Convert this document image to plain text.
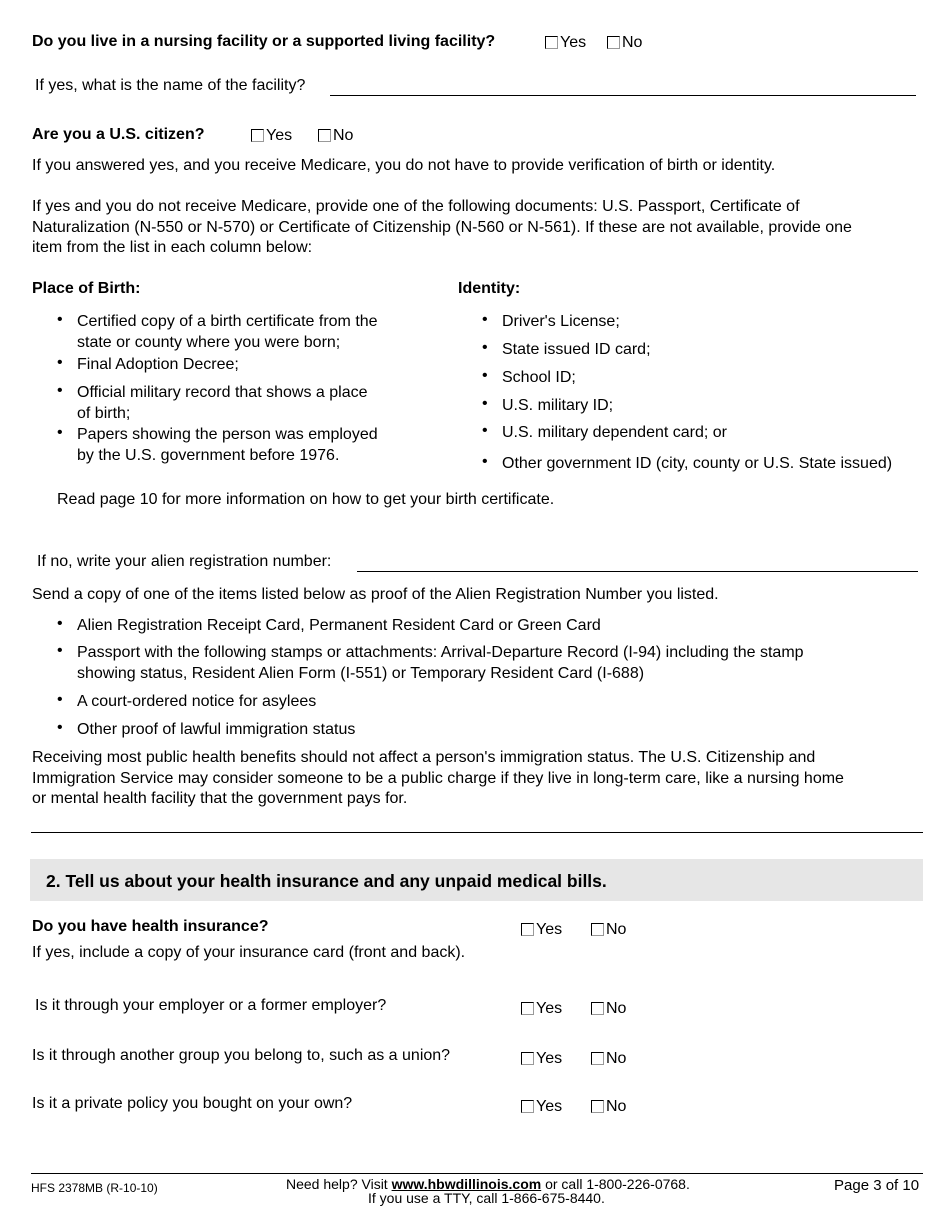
Do you live in a nursing facility or a supported living facility?	Yes	No
If yes, what is the name of the facility?
Are you a U.S. citizen?	Yes	No
If you answered yes, and you receive Medicare, you do not have to provide verification of birth or identity.
If yes and you do not receive Medicare, provide one of the following documents: U.S. Passport, Certificate of
Naturalization (N-550 or N-570) or Certificate of Citizenship (N-560 or N-561). If these are not available, provide one
item from the list in each column below:
Place of Birth:
• Certified copy of a birth certificate from the
state or county where you were born;
• Final Adoption Decree;
• Official military record that shows a place
of birth;
• Papers showing the person was employed
by the U.S. government before 1976.
Identity:
• Driver's License;
• State issued ID card;
• School ID;
• U.S. military ID;
• U.S. military dependent card; or
• Other government ID (city, county or U.S. State issued)
Read page 10 for more information on how to get your birth certificate.
If no, write your alien registration number:
Send a copy of one of the items listed below as proof of the Alien Registration Number you listed.
• Alien Registration Receipt Card, Permanent Resident Card or Green Card
• Passport with the following stamps or attachments: Arrival-Departure Record (I-94) including the stamp
showing status, Resident Alien Form (I-551) or Temporary Resident Card (I-688)
• A court-ordered notice for asylees
• Other proof of lawful immigration status
Receiving most public health benefits should not affect a person's immigration status. The U.S. Citizenship and
Immigration Service may consider someone to be a public charge if they live in long-term care, like a nursing home
or mental health facility that the government pays for.
2. Tell us about your health insurance and any unpaid medical bills.
Do you have health insurance?
If yes, include a copy of your insurance card (front and back).
Yes	No
Is it through your employer or a former employer?	Yes	No
Is it through another group you belong to, such as a union?	Yes	No
Is it a private policy you bought on your own?	Yes	No
HFS 2378MB (R-10-10)	Need help? Visit www.hbwdillinois.com or call 1-800-226-0768.
If you use a TTY, call 1-866-675-8440.
Page 3 of 10
